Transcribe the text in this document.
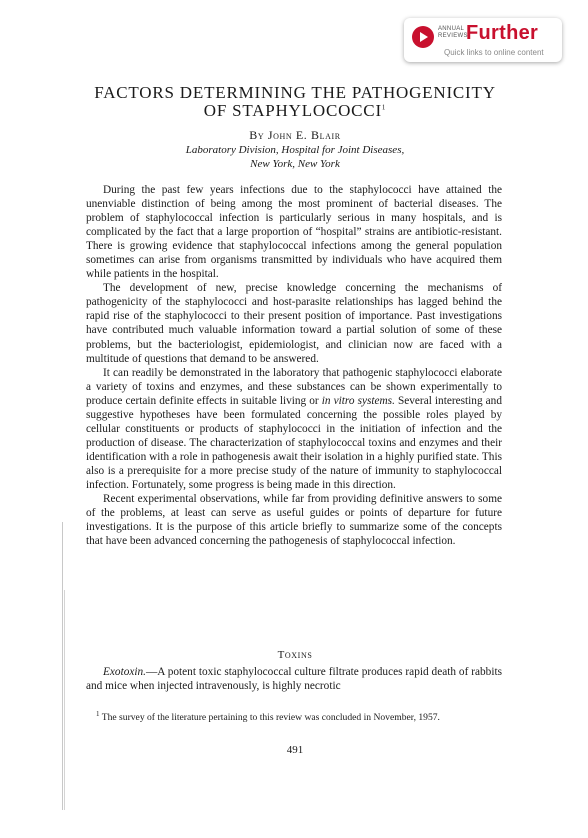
ANNUAL
REVIEWS
Further
Quick links to online content
FACTORS DETERMINING THE PATHOGENICITY
OF STAPHYLOCOCCI$^1$
By John E. Blair
Laboratory Division, Hospital for Joint Diseases,
New York, New York

During the past few years infections due to the staphylococci have attained the unenviable distinction of being among the most prominent of bacterial diseases. The problem of staphylococcal infection is particularly serious in many hospitals, and is complicated by the fact that a large proportion of “hospital” strains are antibiotic-resistant. There is growing evidence that staphylococcal infections among the general population sometimes can arise from organisms transmitted by individuals who have acquired them while patients in the hospital.

The development of new, precise knowledge concerning the mechanisms of pathogenicity of the staphylococci and host-parasite relationships has lagged behind the rapid rise of the staphylococci to their present position of importance. Past investigations have contributed much valuable information toward a partial solution of some of these problems, but the bacteriologist, epidemiologist, and clinician now are faced with a multitude of questions that demand to be answered.

It can readily be demonstrated in the laboratory that pathogenic staphylococci elaborate a variety of toxins and enzymes, and these substances can be shown experimentally to produce certain definite effects in suitable living or in vitro systems. Several interesting and suggestive hypotheses have been formulated concerning the possible roles played by cellular constituents or products of staphylococci in the initiation of infection and the production of disease. The characterization of staphylococcal toxins and enzymes and their identification with a role in pathogenesis await their isolation in a highly purified state. This also is a prerequisite for a more precise study of the nature of immunity to staphylococcal infection. Fortunately, some progress is being made in this direction.

Recent experimental observations, while far from providing definitive answers to some of the problems, at least can serve as useful guides or points of departure for future investigations. It is the purpose of this article briefly to summarize some of the concepts that have been advanced concerning the pathogenesis of staphylococcal infection.

Toxins

Exotoxin.—A potent toxic staphylococcal culture filtrate produces rapid death of rabbits and mice when injected intravenously, is highly necrotic

$^1$ The survey of the literature pertaining to this review was concluded in November, 1957.

491
